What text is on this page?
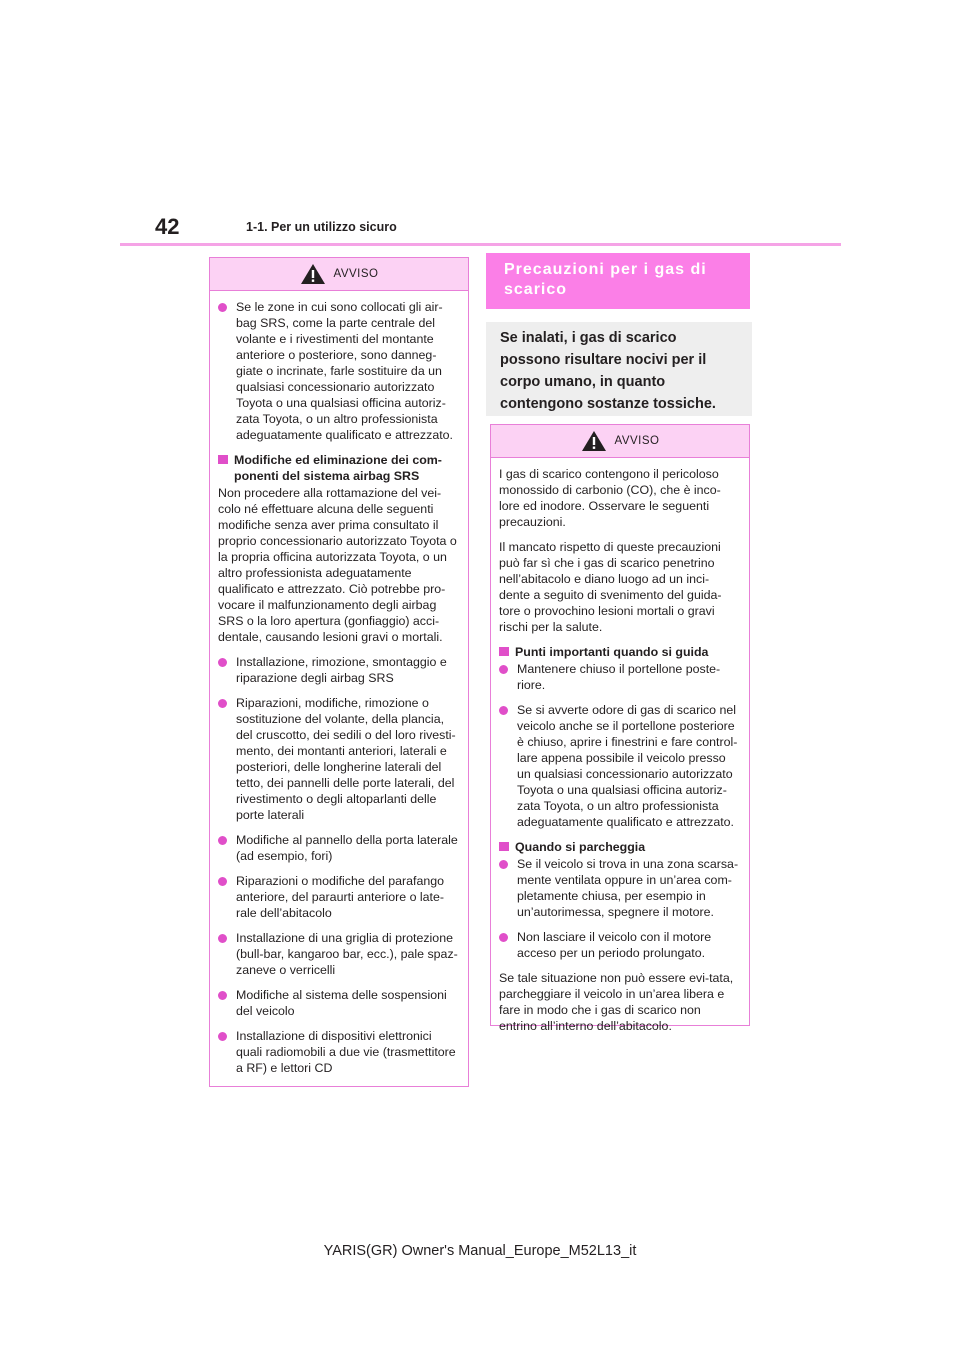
42	1-1. Per un utilizzo sicuro
AVVISO
Se le zone in cui sono collocati gli air-bag SRS, come la parte centrale del volante e i rivestimenti del montante anteriore o posteriore, sono danneg-giate o incrinate, farle sostituire da un qualsiasi concessionario autorizzato Toyota o una qualsiasi officina autoriz-zata Toyota, o un altro professionista adeguatamente qualificato e attrezzato.
Modifiche ed eliminazione dei com-ponenti del sistema airbag SRS
Non procedere alla rottamazione del vei-colo né effettuare alcuna delle seguenti modifiche senza aver prima consultato il proprio concessionario autorizzato Toyota o la propria officina autorizzata Toyota, o un altro professionista adeguatamente qualificato e attrezzato. Ciò potrebbe pro-vocare il malfunzionamento degli airbag SRS o la loro apertura (gonfiaggio) acci-dentale, causando lesioni gravi o mortali.
Installazione, rimozione, smontaggio e riparazione degli airbag SRS
Riparazioni, modifiche, rimozione o sostituzione del volante, della plancia, del cruscotto, dei sedili o del loro rivesti-mento, dei montanti anteriori, laterali e posteriori, delle longherine laterali del tetto, dei pannelli delle porte laterali, del rivestimento o degli altoparlanti delle porte laterali
Modifiche al pannello della porta laterale (ad esempio, fori)
Riparazioni o modifiche del parafango anteriore, del paraurti anteriore o late-rale dell’abitacolo
Installazione di una griglia di protezione (bull-bar, kangaroo bar, ecc.), pale spaz-zaneve o verricelli
Modifiche al sistema delle sospensioni del veicolo
Installazione di dispositivi elettronici quali radiomobili a due vie (trasmettitore a RF) e lettori CD
Precauzioni per i gas di scarico
Se inalati, i gas di scarico possono risultare nocivi per il corpo umano, in quanto contengono sostanze tossiche.
AVVISO
I gas di scarico contengono il pericoloso monossido di carbonio (CO), che è inco-lore ed inodore. Osservare le seguenti precauzioni.
Il mancato rispetto di queste precauzioni può far sì che i gas di scarico penetrino nell’abitacolo e diano luogo ad un inci-dente a seguito di svenimento del guida-tore o provochino lesioni mortali o gravi rischi per la salute.
Punti importanti quando si guida
Mantenere chiuso il portellone poste-riore.
Se si avverte odore di gas di scarico nel veicolo anche se il portellone posteriore è chiuso, aprire i finestrini e fare control-lare appena possibile il veicolo presso un qualsiasi concessionario autorizzato Toyota o una qualsiasi officina autoriz-zata Toyota, o un altro professionista adeguatamente qualificato e attrezzato.
Quando si parcheggia
Se il veicolo si trova in una zona scarsa-mente ventilata oppure in un’area com-pletamente chiusa, per esempio in un’autorimessa, spegnere il motore.
Non lasciare il veicolo con il motore acceso per un periodo prolungato.
Se tale situazione non può essere evi-tata, parcheggiare il veicolo in un’area libera e fare in modo che i gas di scarico non entrino all’interno dell’abitacolo.
YARIS(GR) Owner's Manual_Europe_M52L13_it
